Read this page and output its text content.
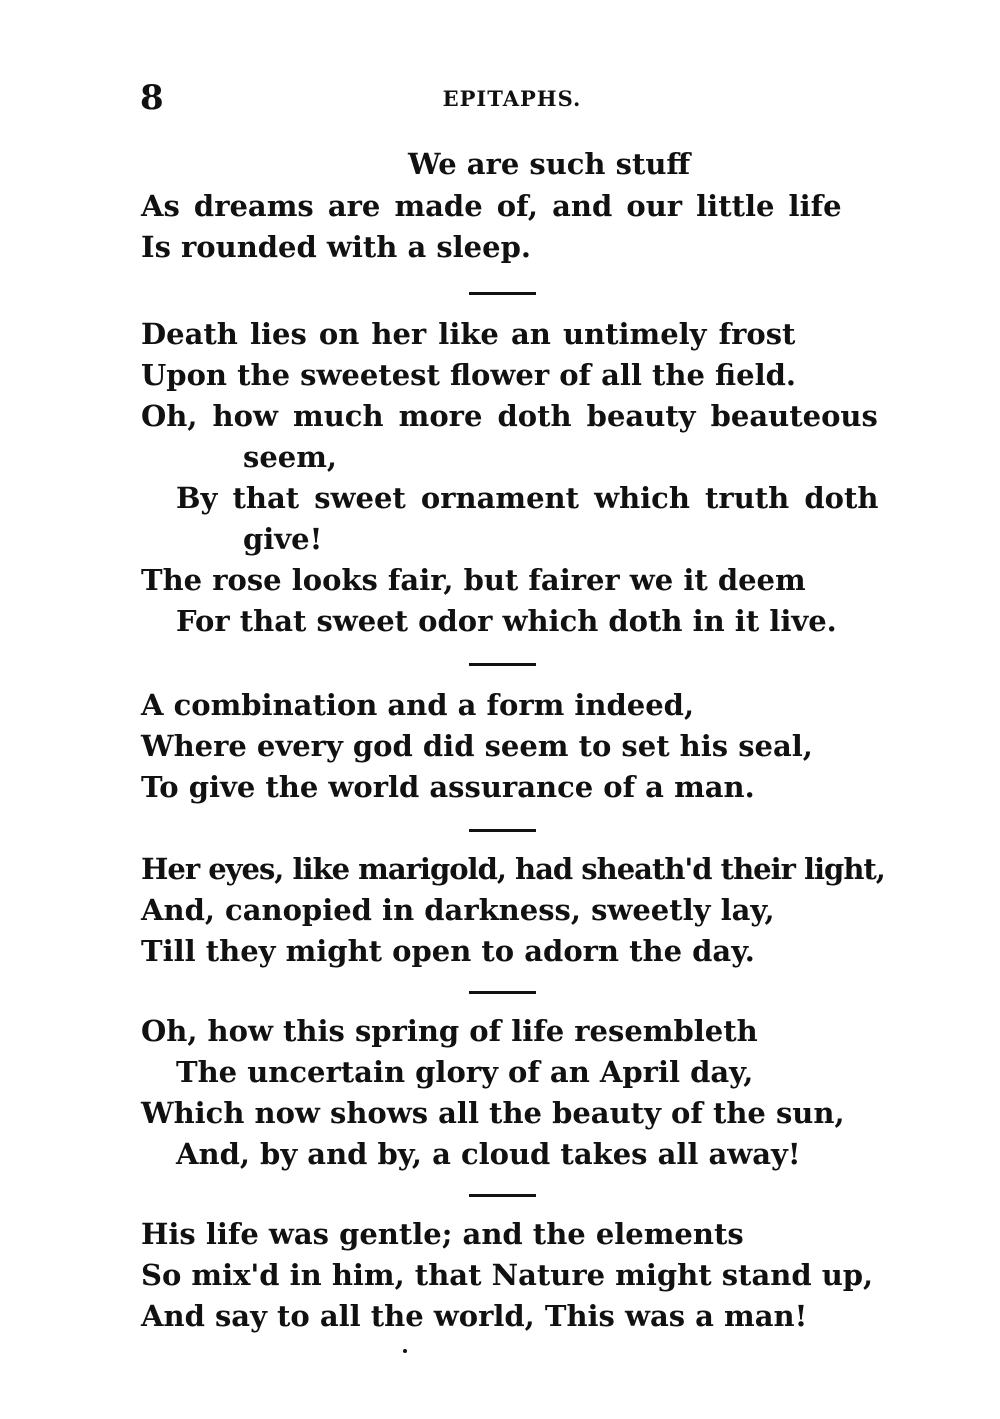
8	EPITAPHS.
We are such stuff
As dreams are made of, and our little life
Is rounded with a sleep.
Death lies on her like an untimely frost
Upon the sweetest flower of all the field.
Oh, how much more doth beauty beauteous
seem,
By that sweet ornament which truth doth
give!
The rose looks fair, but fairer we it deem
For that sweet odor which doth in it live.
A combination and a form indeed,
Where every god did seem to set his seal,
To give the world assurance of a man.
Her eyes, like marigold, had sheath'd their light,
And, canopied in darkness, sweetly lay,
Till they might open to adorn the day.
Oh, how this spring of life resembleth
The uncertain glory of an April day,
Which now shows all the beauty of the sun,
And, by and by, a cloud takes all away!
His life was gentle; and the elements
So mix'd in him, that Nature might stand up,
And say to all the world, This was a man!
